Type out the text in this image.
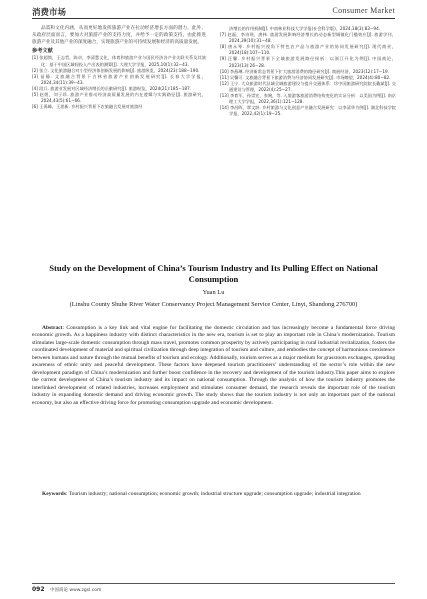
消费市场	Consumer Market

品需和文化内涵，从而更好地发挥旅游产业在拉动经济增长方面的潜力。此外，从政府层面而言，要加大对旅游产业的支持力度，并给予一定的政策支持，由此推进旅游产业及其他产业的深度融合，实现旅游产业的可持续发展和经济的高质量发展。

参考文献

[1] 张超简，王志哲，陈卓，李清慧文化、体育和旅游产业与国民经济各产业关联关系及其演化：基于中国区域间投入产出表的测算[J]. 大理大学学报，2025,10(1):32−43.

[2] 张立. 文化旅游融合对小型经济体创新发展的影响[J]. 旅游纵览，2024(23):188−190.

[3] 苗静. 文旅融合背景下吉林省旅游产业创新发展研究[J]. 长春大学学报，2024,34(11):39−43.

[4] 段兵. 旅游业发展对区域经济增长的贡献研究[J]. 旅游纵览，2024(21):185−187.

[5] 赵煜，刘子珍. 旅游产业推动经济高质量发展的内在逻辑与实践路径[J]. 旅游研究，2024,43(5):61−66.

[6] 王禹峰，王思新. 乡村振兴背景下农旅融合发展对旅游经

济增长的作用机制[J]. 中南林业科技大学学报(社会科学版)，2024,18(3):83−94.

[7] 赵磊，李诗瑶，唐林. 旅游发展影响经济增长的动态新型城镇化门槛效应[J]. 旅游学刊，2024,39(10):31−48.

[8] 唐永琴. 乡村振兴视角下特色农产品与旅游产业的协同发展研究[J]. 现代商业，2024(18):107−110.

[9] 汪馨. 乡村振兴背景下全域旅游发展路径探析：以浙江开化为例[J]. 中国商论，2023(13):26−28.

[10] 李燕琳. 经济新常态背景下扩大旅游消费的路径研究[J]. 商展经济，2023(12):17−19.

[11] 吴馨可. 文旅融合背景下旅游消费与经济协同发展研究[J]. 市场瞭望，2024(4):80−82.

[12] 王宁. 大众旅游时代县域全域旅游建设与提升交通体系：诊中国旅游研究院院长戴斌[J]. 交通建设与管理，2022(4):25−27.

[13] 李育军，孙崇宏，张婉，等. 入境游客旅游消费结构变化的实证分析：以美国为例[J]. 南京理工大学学报，2022,36(1):121−128.

[14] 李昌晖，覃文龄. 乡村旅游与文化创意产业融合发展研究：以李清华为例[J]. 湖北科技学院学报，2022,42(1):19−25.

Study on the Development of China’s Tourism Industry and Its Pulling Effect on National Consumption
Yuan Lu
(Linshu County Shuhe River Water Conservancy Project Management Service Center, Linyi, Shandong 276700)

Abstract: Consumption is a key link and vital engine for facilitating the domestic circulation and has increasingly become a fundamental force driving economic growth. As a happiness industry with distinct characteristics in the new era, tourism is set to play an important role in China’s modernization. Tourism stimulates large-scale domestic consumption through mass travel, promotes common prosperity by actively participating in rural industrial revitalization, fosters the coordinated development of material and spiritual civilization through deep integration of tourism and culture, and embodies the concept of harmonious coexistence between humans and nature through the mutual benefits of tourism and ecology. Additionally, tourism serves as a major medium for grassroots exchanges, spreading awareness of ethnic unity and peaceful development. These factors have deepened tourism practitioners’ understanding of the sector’s role within the new development paradigm of China’s modernization and further boost confidence in the recovery and development of the tourism industry.This paper aims to explore the current development of China’s tourism industry and its impact on national consumption. Through the analysis of how the tourism industry promotes the interlinked development of related industries, increases employment and stimulates consumer demand, the research reveals the important role of the tourism industry in expanding domestic demand and driving economic growth. The study shows that the tourism industry is not only an important part of the national economy, but also an effective driving force for promoting consumption upgrade and economic development.

Keywords: Tourism industry; national consumption; economic growth; industrial structure upgrade; consumption upgrade; industrial integration

092 中国商论 www.zgsl.com
